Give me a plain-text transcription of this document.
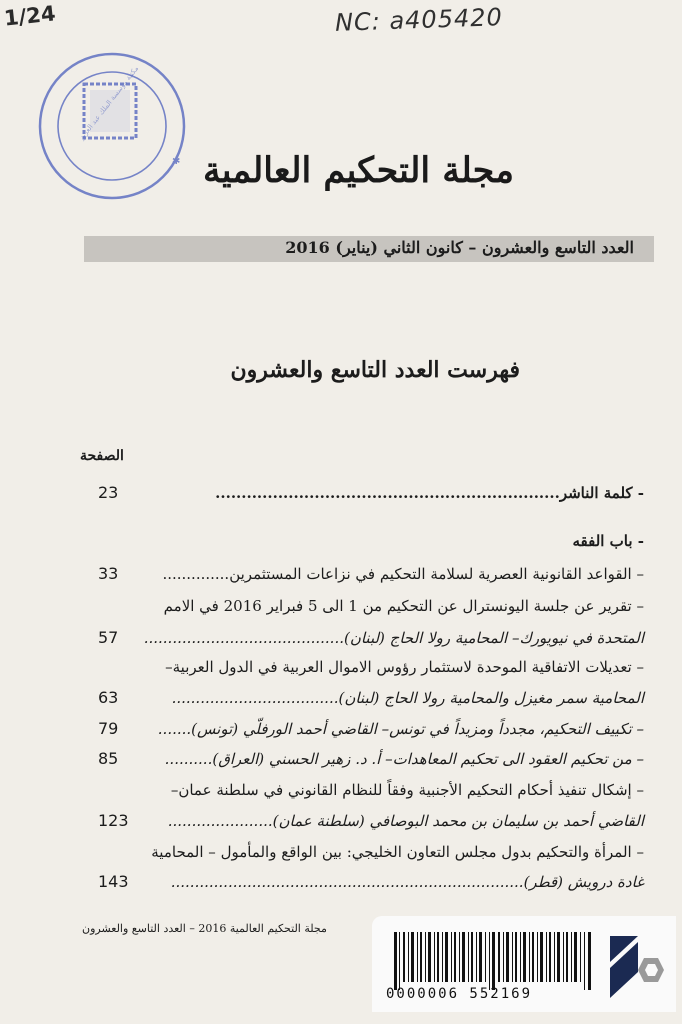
1/24	NC: a405420
✱
مكتبة مؤسسة الملك عبد العزيز
مجلة التحكيم العالمية
العدد التاسع والعشرون – كانون الثاني (يناير) 2016
فهرست العدد التاسع والعشرون
الصفحة
- كلمة الناشر..................................................................
23
- باب الفقه
– القواعد القانونية العصرية لسلامة التحكيم في نزاعات المستثمرين..............
33
– تقرير عن جلسة اليونسترال عن التحكيم من 1 الى 5 فبراير 2016 في الامم
المتحدة في نيويورك– المحامية رولا الحاج (لبنان)..........................................
57
– تعديلات الاتفاقية الموحدة لاستثمار رؤوس الاموال العربية في الدول العربية–
المحامية سمر مغيزل والمحامية رولا الحاج (لبنان)...................................
63
– تكييف التحكيم، مجدداً ومزيداً في تونس– القاضي أحمد الورفلّي (تونس).......
79
– من تحكيم العقود الى تحكيم المعاهدات– أ. د. زهير الحسني (العراق)..........
85
– إشكال تنفيذ أحكام التحكيم الأجنبية وفقاً للنظام القانوني في سلطنة عمان–
القاضي أحمد بن سليمان بن محمد البوصافي (سلطنة عمان)......................
123
– المرأة والتحكيم بدول مجلس التعاون الخليجي: بين الواقع والمأمول – المحامية
غادة درويش (قطر)..........................................................................
143
مجلة التحكيم العالمية 2016 – العدد التاسع والعشرون
0000006 552169
